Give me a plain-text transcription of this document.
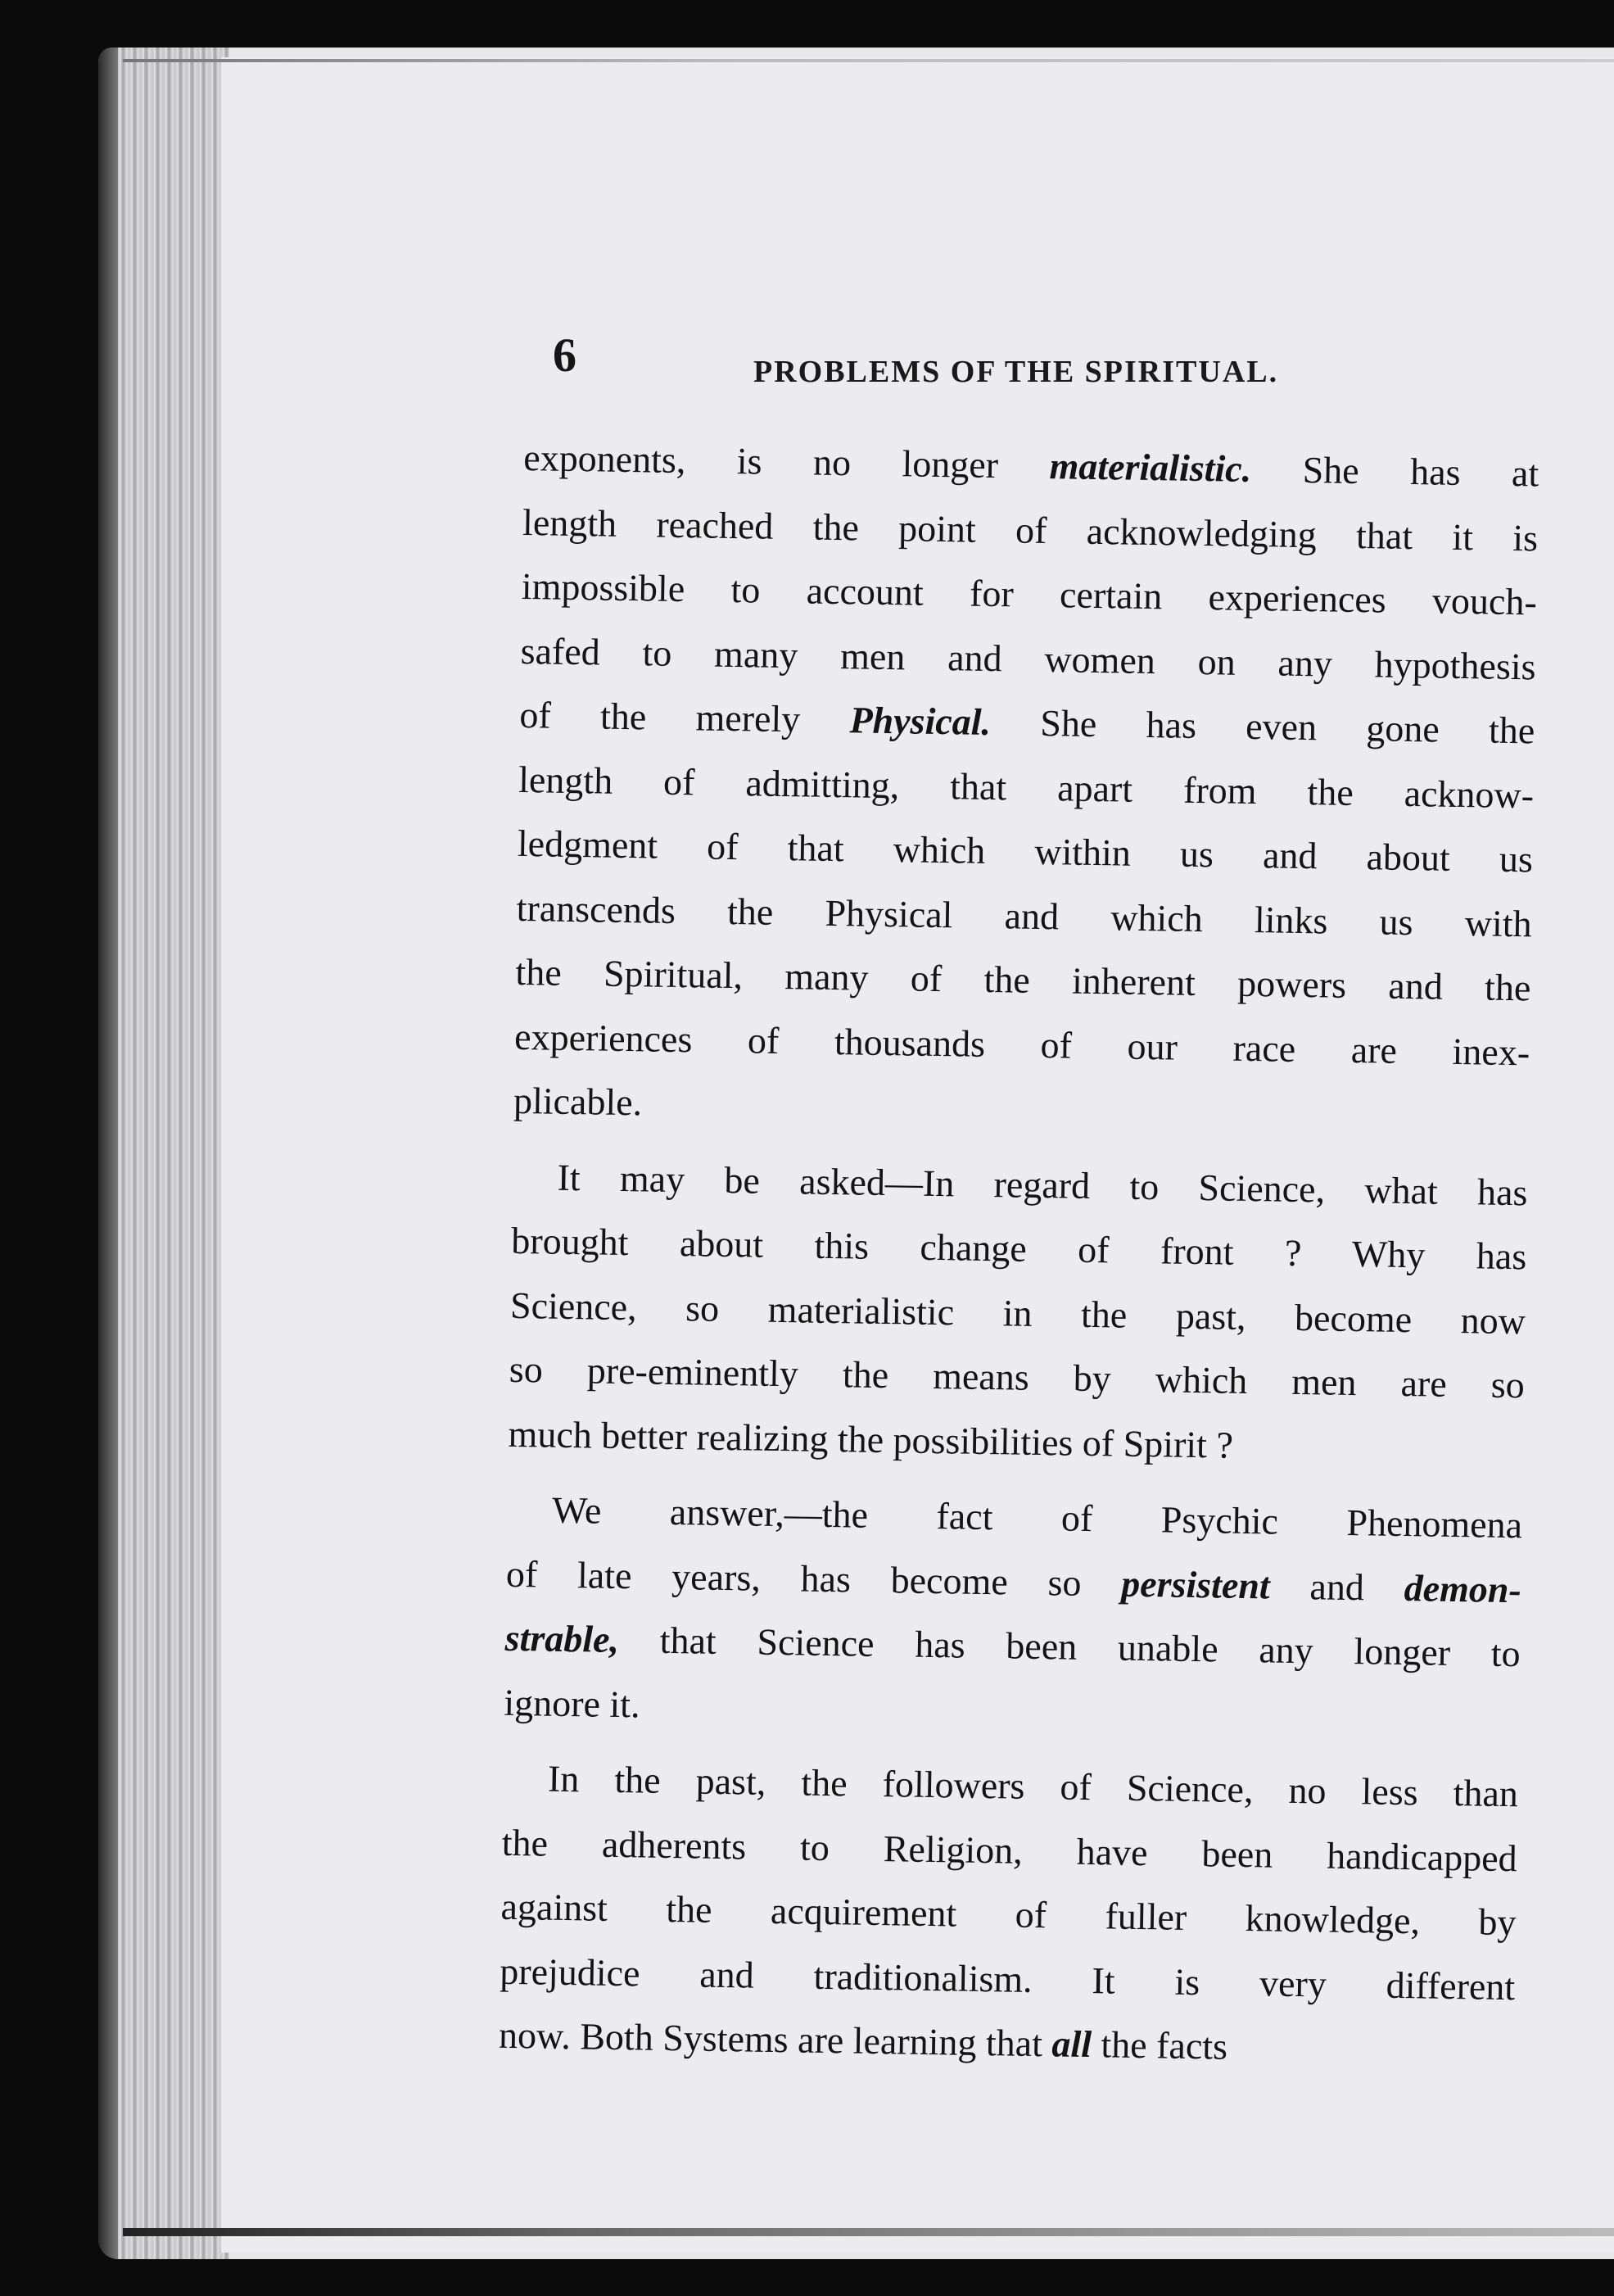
6	PROBLEMS OF THE SPIRITUAL.
exponents, is no longer materialistic. She has at
length reached the point of acknowledging that it is
impossible to account for certain experiences vouch-
safed to many men and women on any hypothesis
of the merely Physical. She has even gone the
length of admitting, that apart from the acknow-
ledgment of that which within us and about us
transcends the Physical and which links us with
the Spiritual, many of the inherent powers and the
experiences of thousands of our race are inex-
plicable.
It may be asked—In regard to Science, what has
brought about this change of front ? Why has
Science, so materialistic in the past, become now
so pre-eminently the means by which men are so
much better realizing the possibilities of Spirit ?
We answer,—the fact of Psychic Phenomena
of late years, has become so persistent and demon-
strable, that Science has been unable any longer to
ignore it.
In the past, the followers of Science, no less than
the adherents to Religion, have been handicapped
against the acquirement of fuller knowledge, by
prejudice and traditionalism. It is very different
now. Both Systems are learning that all the facts
